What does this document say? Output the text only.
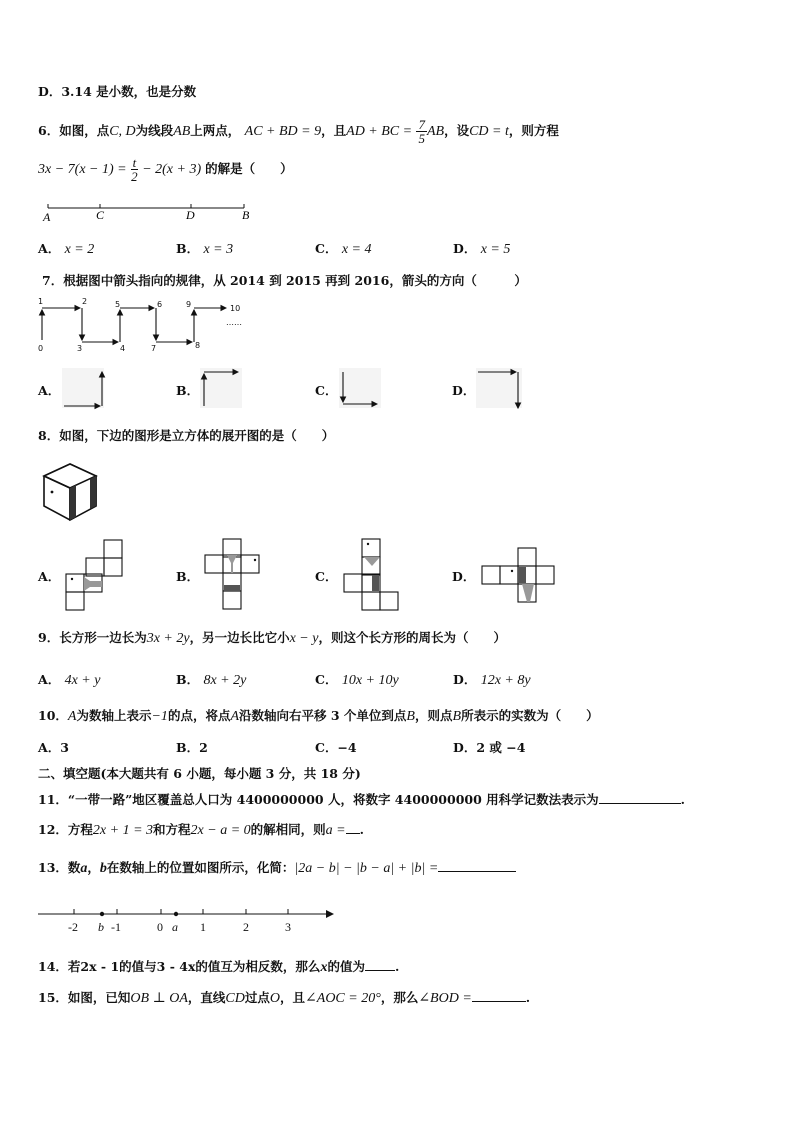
D．3.14 是小数，也是分数
6．如图，点C, D为线段AB上两点， AC + BD = 9，且AD + BC = $\frac{7}{5}$ AB，设CD = t，则方程
$3x - 7(x - 1) = \frac{t}{2} - 2(x + 3)$ 的解是（　　）
A	C	D	B
A． x = 2	B． x = 3	C． x = 4	D． x = 5
7．根据图中箭头指向的规律，从 2014 到 2015 再到 2016，箭头的方向（　　　）
1	2	5	6	9	10
0	3	4	7	8
……
A．	B．	C．	D．
8．如图，下边的图形是立方体的展开图的是（　　）
A．	B．	C．	D．
9．长方形一边长为3x + 2y，另一边长比它小x − y，则这个长方形的周长为（　　）
A． 4x + y	B． 8x + 2y	C． 10x + 10y	D． 12x + 8y
10．A为数轴上表示−1的点，将点A沿数轴向右平移 3 个单位到点B，则点B所表示的实数为（　　）
A．3	B．2	C．−4	D．2 或 −4
二、填空题(本大题共有 6 小题，每小题 3 分，共 18 分)
11．“一带一路”地区覆盖总人口为 4400000000 人，将数字 4400000000 用科学记数法表示为	.
12．方程2x + 1 = 3和方程2x − a = 0的解相同，则a = .
13．数a，b在数轴上的位置如图所示，化简：|2a − b| − |b − a| + |b| =
-2 b -1	0 a 1	2	3
14．若2x - 1的值与3 - 4x的值互为相反数，那么x的值为 .
15．如图，已知OB ⊥ OA，直线CD过点O，且∠AOC = 20°，那么∠BOD =	.
